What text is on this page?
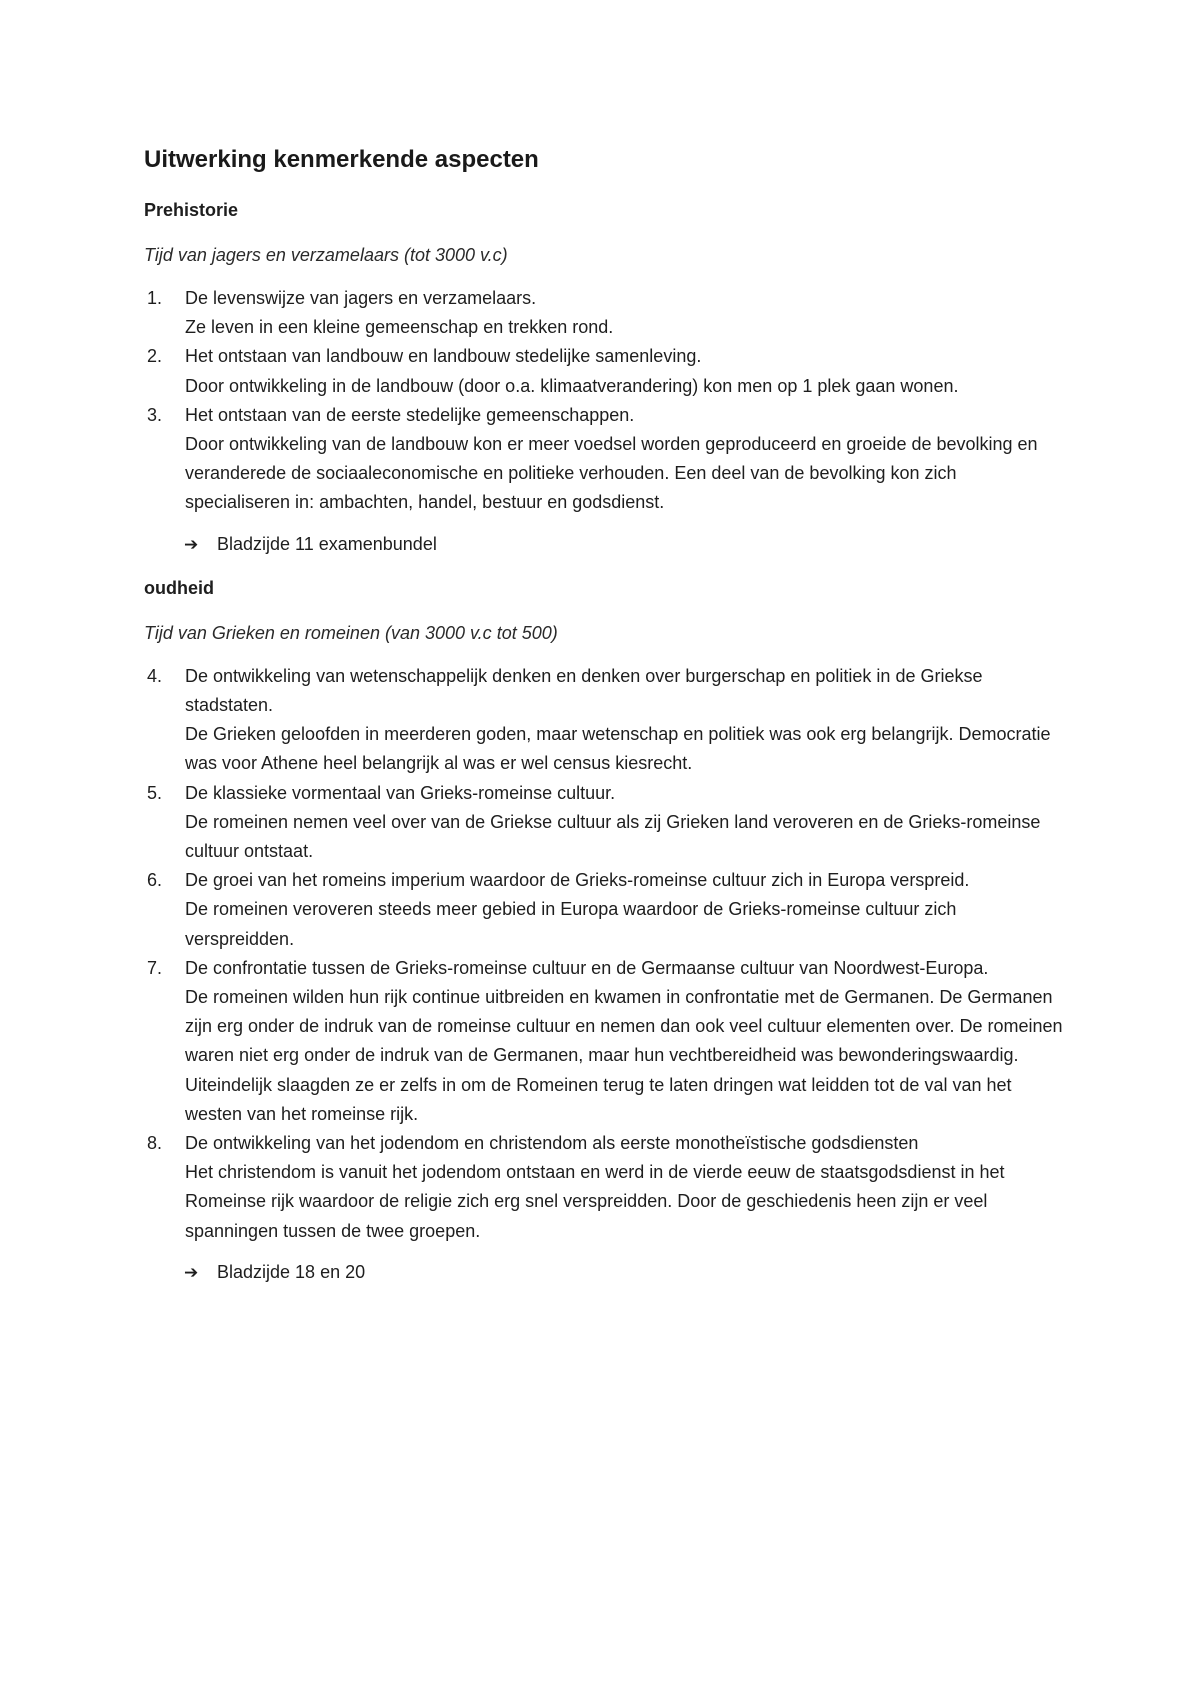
Uitwerking kenmerkende aspecten
Prehistorie
Tijd van jagers en verzamelaars (tot 3000 v.c)
1. De levenswijze van jagers en verzamelaars.
Ze leven in een kleine gemeenschap en trekken rond.
2. Het ontstaan van landbouw en landbouw stedelijke samenleving.
Door ontwikkeling in de landbouw (door o.a. klimaatverandering) kon men op 1 plek gaan wonen.
3. Het ontstaan van de eerste stedelijke gemeenschappen.
Door ontwikkeling van de landbouw kon er meer voedsel worden geproduceerd en groeide de bevolking en veranderede de sociaaleconomische en politieke verhouden. Een deel van de bevolking kon zich specialiseren in: ambachten, handel, bestuur en godsdienst.
➔ Bladzijde 11 examenbundel
oudheid
Tijd van Grieken en romeinen (van 3000 v.c tot 500)
4. De ontwikkeling van wetenschappelijk denken en denken over burgerschap en politiek in de Griekse stadstaten.
De Grieken geloofden in meerderen goden, maar wetenschap en politiek was ook erg belangrijk. Democratie was voor Athene heel belangrijk al was er wel census kiesrecht.
5. De klassieke vormentaal van Grieks-romeinse cultuur.
De romeinen nemen veel over van de Griekse cultuur als zij Grieken land veroveren en de Grieks-romeinse cultuur ontstaat.
6. De groei van het romeins imperium waardoor de Grieks-romeinse cultuur zich in Europa verspreid.
De romeinen veroveren steeds meer gebied in Europa waardoor de Grieks-romeinse cultuur zich verspreidden.
7. De confrontatie tussen de Grieks-romeinse cultuur en de Germaanse cultuur van Noordwest-Europa.
De romeinen wilden hun rijk continue uitbreiden en kwamen in confrontatie met de Germanen. De Germanen zijn erg onder de indruk van de romeinse cultuur en nemen dan ook veel cultuur elementen over. De romeinen waren niet erg onder de indruk van de Germanen, maar hun vechtbereidheid was bewonderingswaardig. Uiteindelijk slaagden ze er zelfs in om de Romeinen terug te laten dringen wat leidden tot de val van het westen van het romeinse rijk.
8. De ontwikkeling van het jodendom en christendom als eerste monotheïstische godsdiensten
Het christendom is vanuit het jodendom ontstaan en werd in de vierde eeuw de staatsgodsdienst in het Romeinse rijk waardoor de religie zich erg snel verspreidden. Door de geschiedenis heen zijn er veel spanningen tussen de twee groepen.
➔ Bladzijde 18 en 20
